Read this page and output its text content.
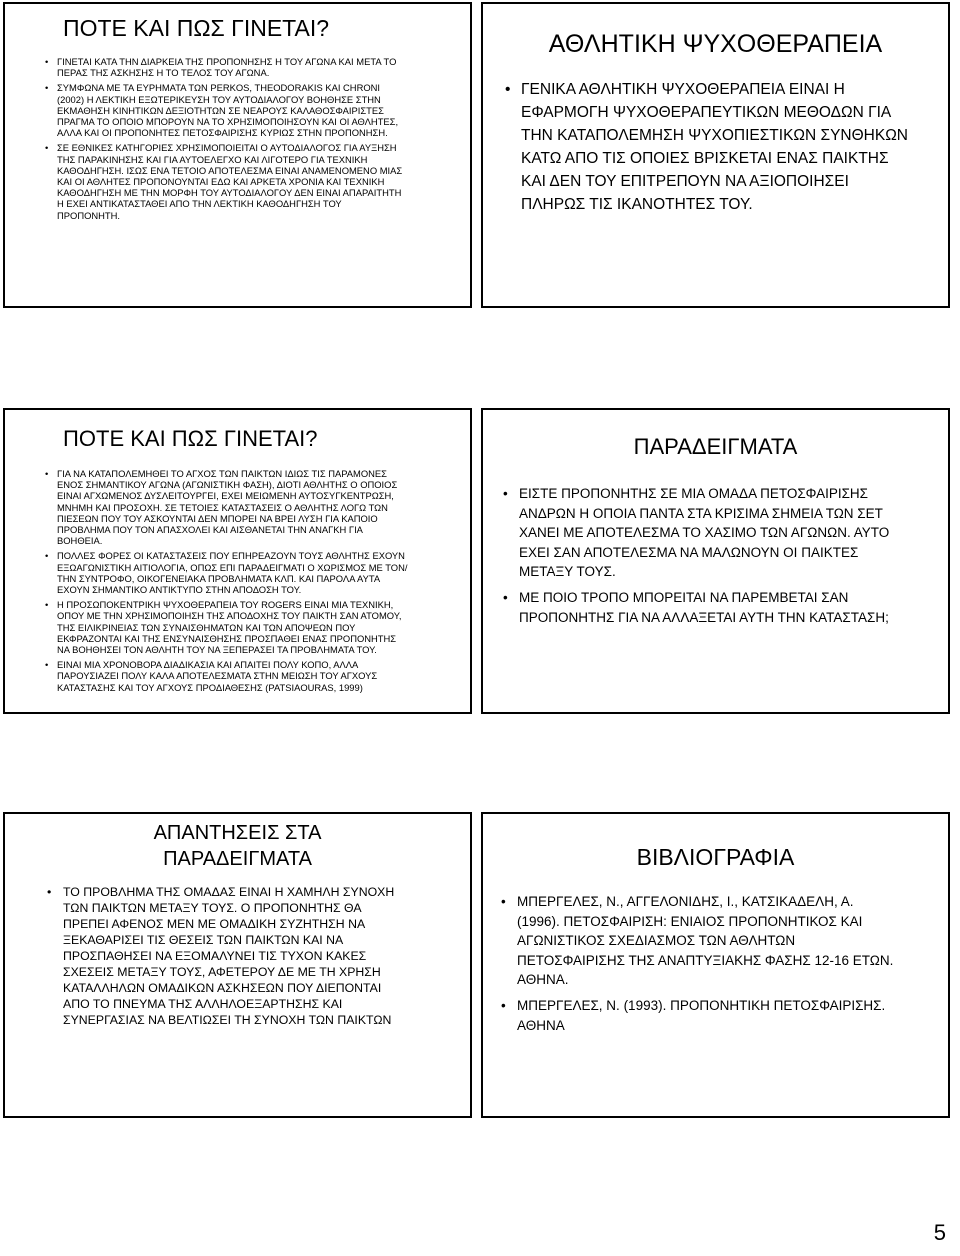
ΠΟΤΕ ΚΑΙ ΠΩΣ ΓΙΝΕΤΑΙ?
• ΓΙΝΕΤΑΙ ΚΑΤΑ ΤΗΝ ΔΙΑΡΚΕΙΑ ΤΗΣ ΠΡΟΠΟΝΗΣΗΣ Η ΤΟΥ ΑΓΩΝΑ ΚΑΙ ΜΕΤΑ ΤΟ ΠΕΡΑΣ ΤΗΣ ΑΣΚΗΣΗΣ Η ΤΟ ΤΕΛΟΣ ΤΟΥ ΑΓΩΝΑ.
• ΣΥΜΦΩΝΑ ΜΕ ΤΑ ΕΥΡΗΜΑΤΑ ΤΩΝ PERKOS, THEODORAKIS ΚΑΙ CHRONI (2002) Η ΛΕΚΤΙΚΗ ΕΞΩΤΕΡΙΚΕΥΣΗ ΤΟΥ ΑΥΤΟΔΙΑΛΟΓΟΥ ΒΟΗΘΗΣΕ ΣΤΗΝ ΕΚΜΑΘΗΣΗ ΚΙΝΗΤΙΚΩΝ ΔΕΞΙΟΤΗΤΩΝ ΣΕ ΝΕΑΡΟΥΣ ΚΑΛΑΘΟΣΦΑΙΡΙΣΤΕΣ ΠΡΑΓΜΑ ΤΟ ΟΠΟΙΟ ΜΠΟΡΟΥΝ ΝΑ ΤΟ ΧΡΗΣΙΜΟΠΟΙΗΣΟΥΝ ΚΑΙ ΟΙ ΑΘΛΗΤΕΣ, ΑΛΛΑ ΚΑΙ ΟΙ ΠΡΟΠΟΝΗΤΕΣ ΠΕΤΟΣΦΑΙΡΙΣΗΣ ΚΥΡΙΩΣ ΣΤΗΝ ΠΡΟΠΟΝΗΣΗ.
• ΣΕ ΕΘΝΙΚΕΣ ΚΑΤΗΓΟΡΙΕΣ ΧΡΗΣΙΜΟΠΟΙΕΙΤΑΙ Ο ΑΥΤΟΔΙΑΛΟΓΟΣ ΓΙΑ ΑΥΞΗΣΗ ΤΗΣ ΠΑΡΑΚΙΝΗΣΗΣ ΚΑΙ ΓΙΑ ΑΥΤΟΕΛΕΓΧΟ ΚΑΙ ΛΙΓΟΤΕΡΟ ΓΙΑ ΤΕΧΝΙΚΗ ΚΑΘΟΔΗΓΗΣΗ. ΙΣΩΣ ΕΝΑ ΤΕΤΟΙΟ ΑΠΟΤΕΛΕΣΜΑ ΕΙΝΑΙ ΑΝΑΜΕΝΟΜΕΝΟ ΜΙΑΣ ΚΑΙ ΟΙ ΑΘΛΗΤΕΣ ΠΡΟΠΟΝΟΥΝΤΑΙ ΕΔΩ ΚΑΙ ΑΡΚΕΤΑ ΧΡΟΝΙΑ ΚΑΙ ΤΕΧΝΙΚΗ ΚΑΘΟΔΗΓΗΣΗ ΜΕ ΤΗΝ ΜΟΡΦΗ ΤΟΥ ΑΥΤΟΔΙΑΛΟΓΟΥ ΔΕΝ ΕΙΝΑΙ ΑΠΑΡΑΙΤΗΤΗ Η ΕΧΕΙ ΑΝΤΙΚΑΤΑΣΤΑΘΕΙ ΑΠΟ ΤΗΝ ΛΕΚΤΙΚΗ ΚΑΘΟΔΗΓΗΣΗ ΤΟΥ ΠΡΟΠΟΝΗΤΗ.
ΑΘΛΗΤΙΚΗ ΨΥΧΟΘΕΡΑΠΕΙΑ
• ΓΕΝΙΚΑ ΑΘΛΗΤΙΚΗ ΨΥΧΟΘΕΡΑΠΕΙΑ ΕΙΝΑΙ Η ΕΦΑΡΜΟΓΗ ΨΥΧΟΘΕΡΑΠΕΥΤΙΚΩΝ ΜΕΘΟΔΩΝ ΓΙΑ ΤΗΝ ΚΑΤΑΠΟΛΕΜΗΣΗ ΨΥΧΟΠΙΕΣΤΙΚΩΝ ΣΥΝΘΗΚΩΝ ΚΑΤΩ ΑΠΟ ΤΙΣ ΟΠΟΙΕΣ ΒΡΙΣΚΕΤΑΙ ΕΝΑΣ ΠΑΙΚΤΗΣ ΚΑΙ ΔΕΝ ΤΟΥ ΕΠΙΤΡΕΠΟΥΝ ΝΑ ΑΞΙΟΠΟΙΗΣΕΙ ΠΛΗΡΩΣ ΤΙΣ ΙΚΑΝΟΤΗΤΕΣ ΤΟΥ.
ΠΟΤΕ ΚΑΙ ΠΩΣ ΓΙΝΕΤΑΙ?
• ΓΙΑ ΝΑ ΚΑΤΑΠΟΛΕΜΗΘΕΙ ΤΟ ΑΓΧΟΣ ΤΩΝ ΠΑΙΚΤΩΝ ΙΔΙΩΣ ΤΙΣ ΠΑΡΑΜΟΝΕΣ ΕΝΟΣ ΣΗΜΑΝΤΙΚΟΥ ΑΓΩΝΑ (ΑΓΩΝΙΣΤΙΚΗ ΦΑΣΗ), ΔΙΟΤΙ ΑΘΛΗΤΗΣ Ο ΟΠΟΙΟΣ ΕΙΝΑΙ ΑΓΧΩΜΕΝΟΣ ΔΥΣΛΕΙΤΟΥΡΓΕΙ, ΕΧΕΙ ΜΕΙΩΜΕΝΗ ΑΥΤΟΣΥΓΚΕΝΤΡΩΣΗ, ΜΝΗΜΗ ΚΑΙ ΠΡΟΣΟΧΗ. ΣΕ ΤΕΤΟΙΕΣ ΚΑΤΑΣΤΑΣΕΙΣ Ο ΑΘΛΗΤΗΣ ΛΟΓΩ ΤΩΝ ΠΙΕΣΕΩΝ ΠΟΥ ΤΟΥ ΑΣΚΟΥΝΤΑΙ ΔΕΝ ΜΠΟΡΕΙ ΝΑ ΒΡΕΙ ΛΥΣΗ ΓΙΑ ΚΑΠΟΙΟ ΠΡΟΒΛΗΜΑ ΠΟΥ ΤΟΝ ΑΠΑΣΧΟΛΕΙ ΚΑΙ ΑΙΣΘΑΝΕΤΑΙ ΤΗΝ ΑΝΑΓΚΗ ΓΙΑ ΒΟΗΘΕΙΑ.
• ΠΟΛΛΕΣ ΦΟΡΕΣ ΟΙ ΚΑΤΑΣΤΑΣΕΙΣ ΠΟΥ ΕΠΗΡΕΑΖΟΥΝ ΤΟΥΣ ΑΘΛΗΤΗΣ ΕΧΟΥΝ ΕΞΩΑΓΩΝΙΣΤΙΚΗ ΑΙΤΙΟΛΟΓΙΑ, ΟΠΩΣ ΕΠΙ ΠΑΡΑΔΕΙΓΜΑΤΙ Ο ΧΩΡΙΣΜΟΣ ΜΕ ΤΟΝ/ ΤΗΝ ΣΥΝΤΡΟΦΟ, ΟΙΚΟΓΕΝΕΙΑΚΑ ΠΡΟΒΛΗΜΑΤΑ ΚΛΠ. ΚΑΙ ΠΑΡΟΛΑ ΑΥΤΑ ΕΧΟΥΝ ΣΗΜΑΝΤΙΚΟ ΑΝΤΙΚΤΥΠΟ ΣΤΗΝ ΑΠΟΔΟΣΗ ΤΟΥ.
• Η ΠΡΟΣΩΠΟΚΕΝΤΡΙΚΗ ΨΥΧΟΘΕΡΑΠΕΙΑ ΤΟΥ ROGERS ΕΙΝΑΙ ΜΙΑ ΤΕΧΝΙΚΗ, ΟΠΟΥ ΜΕ ΤΗΝ ΧΡΗΣΙΜΟΠΟΙΗΣΗ ΤΗΣ ΑΠΟΔΟΧΗΣ ΤΟΥ ΠΑΙΚΤΗ ΣΑΝ ΑΤΟΜΟΥ, ΤΗΣ ΕΙΛΙΚΡΙΝΕΙΑΣ ΤΩΝ ΣΥΝΑΙΣΘΗΜΑΤΩΝ ΚΑΙ ΤΩΝ ΑΠΟΨΕΩΝ ΠΟΥ ΕΚΦΡΑΖΟΝΤΑΙ ΚΑΙ ΤΗΣ ΕΝΣΥΝΑΙΣΘΗΣΗΣ ΠΡΟΣΠΑΘΕΙ ΕΝΑΣ ΠΡΟΠΟΝΗΤΗΣ ΝΑ ΒΟΗΘΗΣΕΙ ΤΟΝ ΑΘΛΗΤΗ ΤΟΥ ΝΑ ΞΕΠΕΡΑΣΕΙ ΤΑ ΠΡΟΒΛΗΜΑΤΑ ΤΟΥ.
• ΕΙΝΑΙ ΜΙΑ ΧΡΟΝΟΒΟΡΑ ΔΙΑΔΙΚΑΣΙΑ ΚΑΙ ΑΠΑΙΤΕΙ ΠΟΛΥ ΚΟΠΟ, ΑΛΛΑ ΠΑΡΟΥΣΙΑΖΕΙ ΠΟΛΥ ΚΑΛΑ ΑΠΟΤΕΛΕΣΜΑΤΑ ΣΤΗΝ ΜΕΙΩΣΗ ΤΟΥ ΑΓΧΟΥΣ ΚΑΤΑΣΤΑΣΗΣ ΚΑΙ ΤΟΥ ΑΓΧΟΥΣ ΠΡΟΔΙΑΘΕΣΗΣ (PATSIAOURAS, 1999)
ΠΑΡΑΔΕΙΓΜΑΤΑ
• ΕΙΣΤΕ ΠΡΟΠΟΝΗΤΗΣ ΣΕ ΜΙΑ ΟΜΑΔΑ ΠΕΤΟΣΦΑΙΡΙΣΗΣ ΑΝΔΡΩΝ Η ΟΠΟΙΑ ΠΑΝΤΑ ΣΤΑ ΚΡΙΣΙΜΑ ΣΗΜΕΙΑ ΤΩΝ ΣΕΤ ΧΑΝΕΙ ΜΕ ΑΠΟΤΕΛΕΣΜΑ ΤΟ ΧΑΣΙΜΟ ΤΩΝ ΑΓΩΝΩΝ. ΑΥΤΟ ΕΧΕΙ ΣΑΝ ΑΠΟΤΕΛΕΣΜΑ ΝΑ ΜΑΛΩΝΟΥΝ ΟΙ ΠΑΙΚΤΕΣ ΜΕΤΑΞΥ ΤΟΥΣ.
• ΜΕ ΠΟΙΟ ΤΡΟΠΟ ΜΠΟΡΕΙΤΑΙ ΝΑ ΠΑΡΕΜΒΕΤΑΙ ΣΑΝ ΠΡΟΠΟΝΗΤΗΣ ΓΙΑ ΝΑ ΑΛΛΑΞΕΤΑΙ ΑΥΤΗ ΤΗΝ ΚΑΤΑΣΤΑΣΗ;
ΑΠΑΝΤΗΣΕΙΣ ΣΤΑ
ΠΑΡΑΔΕΙΓΜΑΤΑ
• ΤΟ ΠΡΟΒΛΗΜΑ ΤΗΣ ΟΜΑΔΑΣ ΕΙΝΑΙ Η ΧΑΜΗΛΗ ΣΥΝΟΧΗ ΤΩΝ ΠΑΙΚΤΩΝ ΜΕΤΑΞΥ ΤΟΥΣ. Ο ΠΡΟΠΟΝΗΤΗΣ ΘΑ ΠΡΕΠΕΙ ΑΦΕΝΟΣ ΜΕΝ ΜΕ ΟΜΑΔΙΚΗ ΣΥΖΗΤΗΣΗ ΝΑ ΞΕΚΑΘΑΡΙΣΕΙ ΤΙΣ ΘΕΣΕΙΣ ΤΩΝ ΠΑΙΚΤΩΝ ΚΑΙ ΝΑ ΠΡΟΣΠΑΘΗΣΕΙ ΝΑ ΕΞΟΜΑΛΥΝΕΙ ΤΙΣ ΤΥΧΟΝ ΚΑΚΕΣ ΣΧΕΣΕΙΣ ΜΕΤΑΞΥ ΤΟΥΣ, ΑΦΕΤΕΡΟΥ ΔΕ ΜΕ ΤΗ ΧΡΗΣΗ ΚΑΤΑΛΛΗΛΩΝ ΟΜΑΔΙΚΩΝ ΑΣΚΗΣΕΩΝ ΠΟΥ ΔΙΕΠΟΝΤΑΙ ΑΠΟ ΤΟ ΠΝΕΥΜΑ ΤΗΣ ΑΛΛΗΛΟΕΞΑΡΤΗΣΗΣ ΚΑΙ ΣΥΝΕΡΓΑΣΙΑΣ ΝΑ ΒΕΛΤΙΩΣΕΙ ΤΗ ΣΥΝΟΧΗ ΤΩΝ ΠΑΙΚΤΩΝ
ΒΙΒΛΙΟΓΡΑΦΙΑ
• ΜΠΕΡΓΕΛΕΣ, Ν., ΑΓΓΕΛΟΝΙΔΗΣ, Ι., ΚΑΤΣΙΚΑΔΕΛΗ, Α. (1996). ΠΕΤΟΣΦΑΙΡΙΣΗ: ΕΝΙΑΙΟΣ ΠΡΟΠΟΝΗΤΙΚΟΣ ΚΑΙ ΑΓΩΝΙΣΤΙΚΟΣ ΣΧΕΔΙΑΣΜΟΣ ΤΩΝ ΑΘΛΗΤΩΝ ΠΕΤΟΣΦΑΙΡΙΣΗΣ ΤΗΣ ΑΝΑΠΤΥΞΙΑΚΗΣ ΦΑΣΗΣ 12-16 ΕΤΩΝ. ΑΘΗΝΑ.
• ΜΠΕΡΓΕΛΕΣ, Ν. (1993). ΠΡΟΠΟΝΗΤΙΚΗ ΠΕΤΟΣΦΑΙΡΙΣΗΣ. ΑΘΗΝΑ
5
